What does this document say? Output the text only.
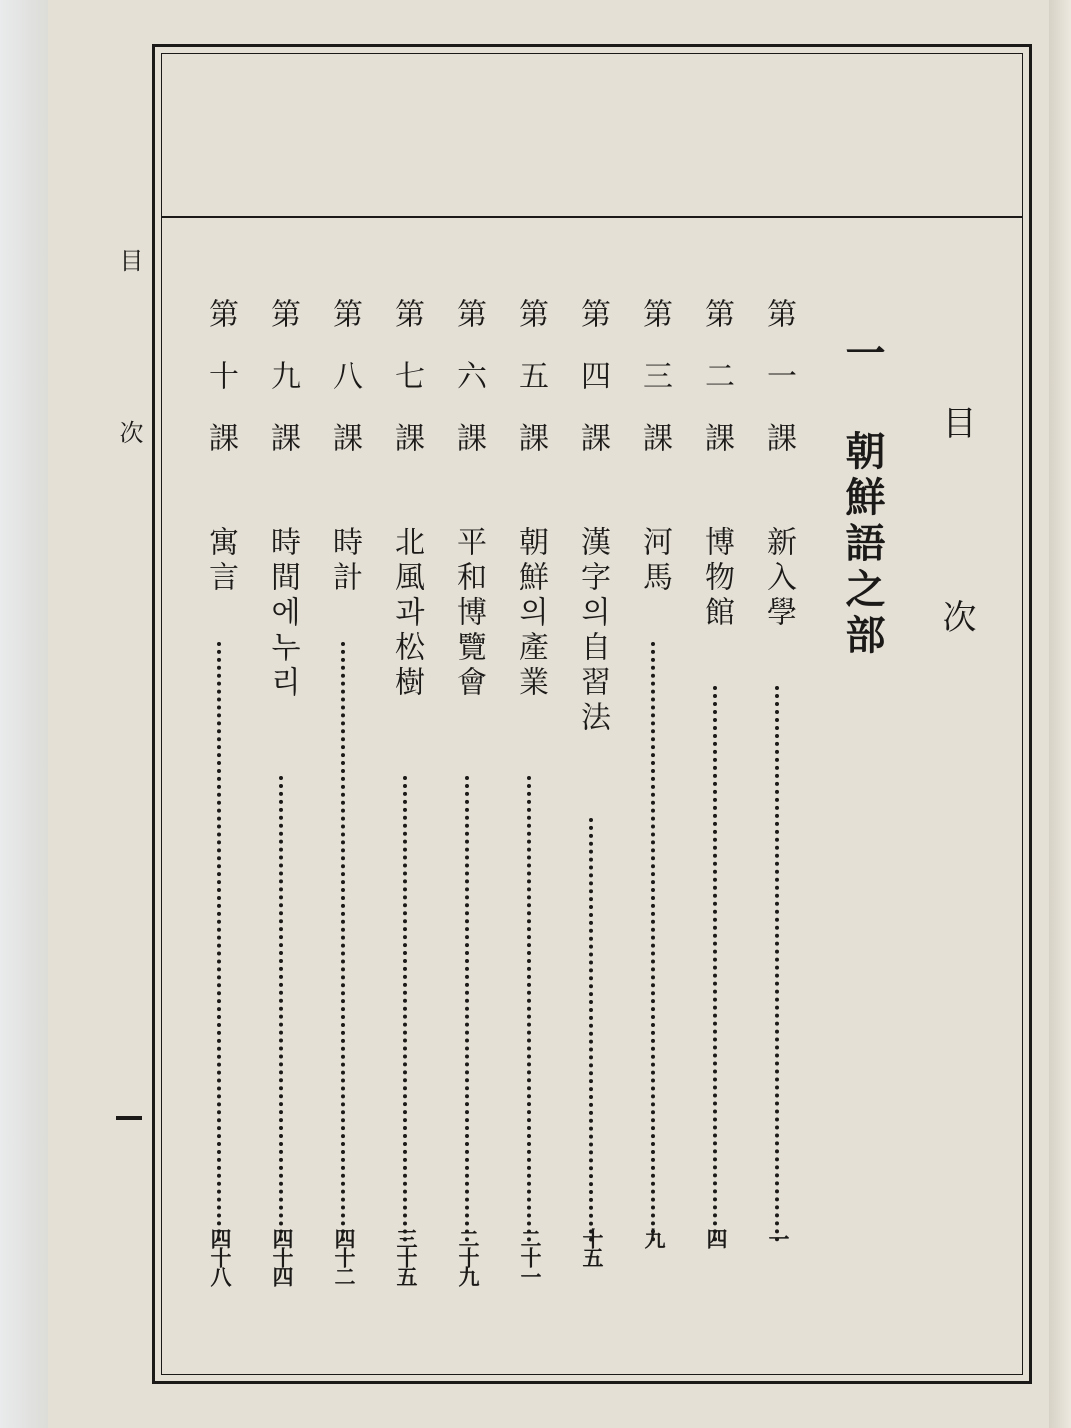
目 次
目 次
一 朝鮮語之部
第一課
新入學
一
第二課
博物館
四
第三課
河馬
九
第四課
漢字의自習法
十五
第五課
朝鮮의產業
二十一
第六課
平和博覽會
二十九
第七課
北風과松樹
三十五
第八課
時計
四十二
第九課
時間에누리
四十四
第十課
寓言
四十八
